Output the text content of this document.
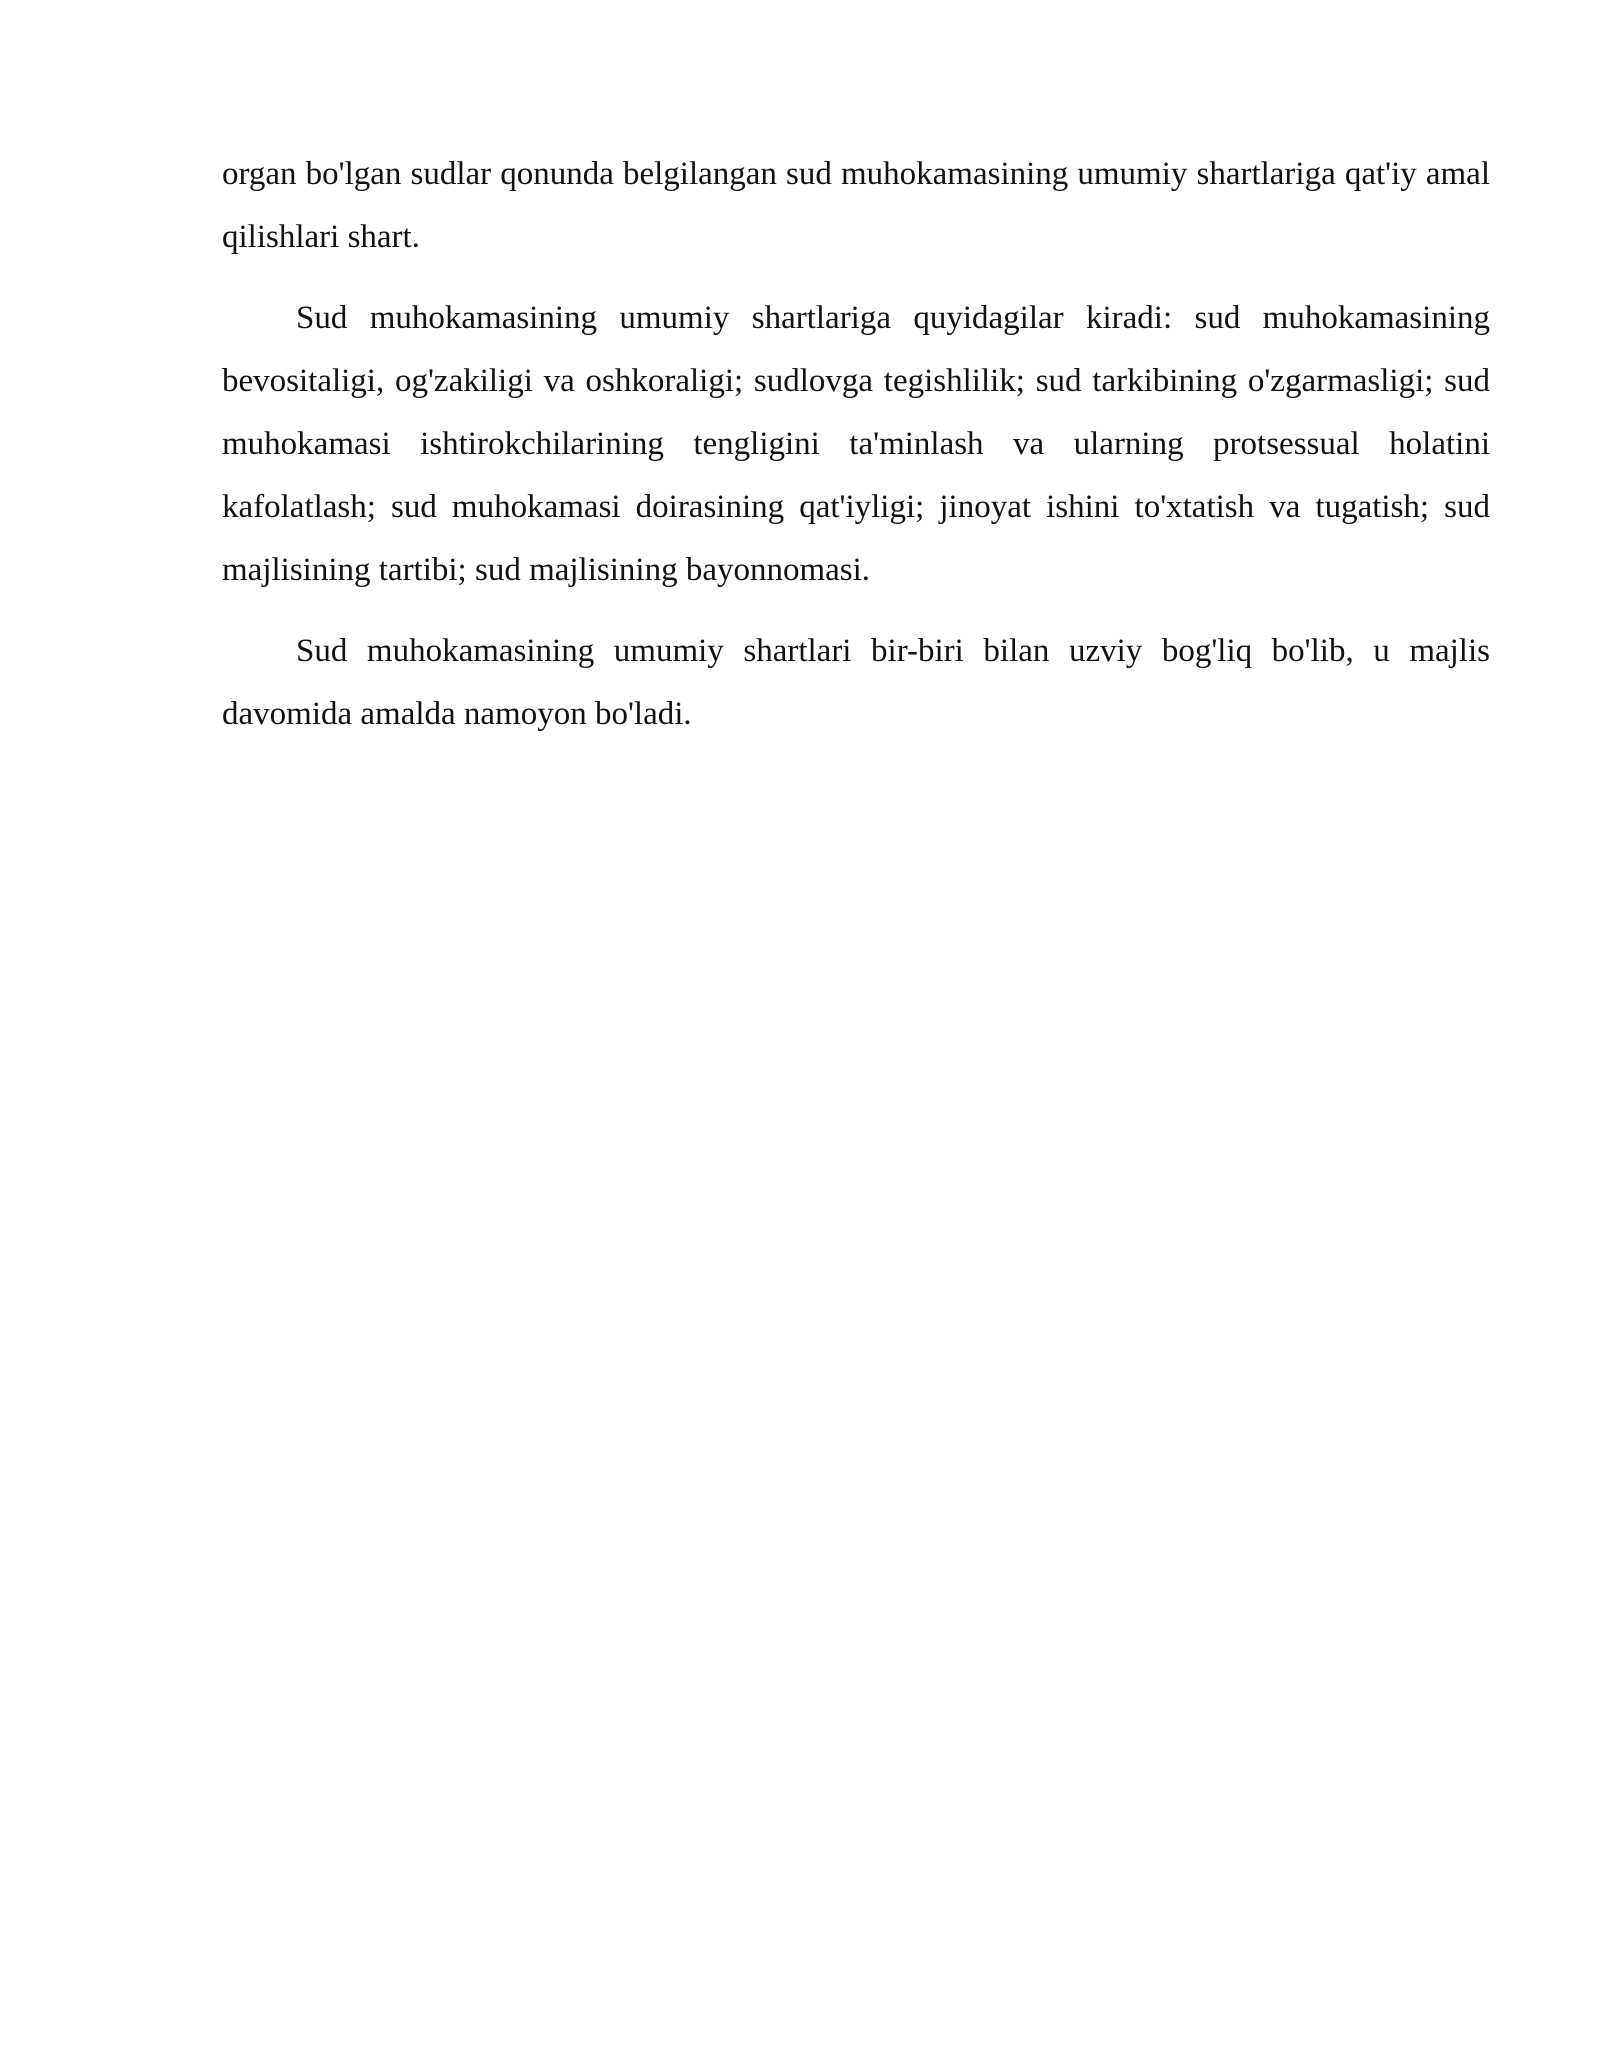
organ bo'lgan sudlar qonunda belgilangan sud muhokamasining umumiy shartlariga qat'iy amal qilishlari shart.

Sud muhokamasining umumiy shartlariga quyidagilar kiradi: sud muhokamasining bevositaligi, og'zakiligi va oshkoraligi; sudlovga tegishlilik; sud tarkibining o'zgarmasligi; sud muhokamasi ishtirokchilarining tengligini ta'minlash va ularning protsessual holatini kafolatlash; sud muhokamasi doirasining qat'iyligi; jinoyat ishini to'xtatish va tugatish; sud majlisining tartibi; sud majlisining bayonnomasi.

Sud muhokamasining umumiy shartlari bir-biri bilan uzviy bog'liq bo'lib, u majlis davomida amalda namoyon bo'ladi.
